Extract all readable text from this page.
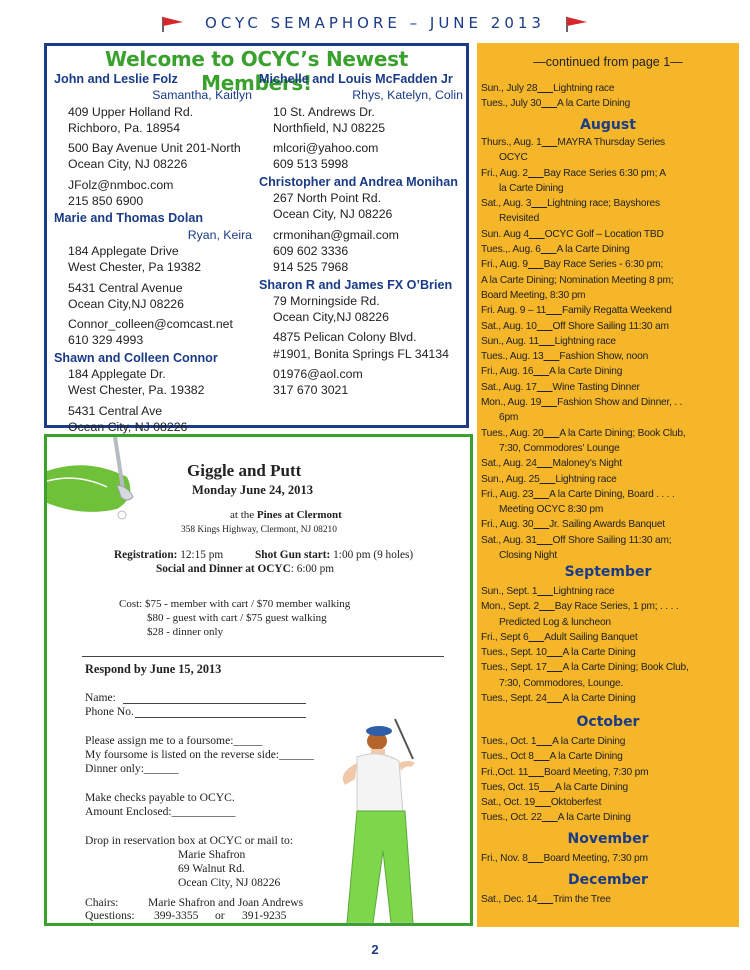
OCYC SEMAPHORE – JUNE 2013
Welcome to OCYC’s Newest Members!
John and Leslie Folz
Samantha, Kaitlyn
409 Upper Holland Rd.
Richboro, Pa. 18954
500 Bay Avenue Unit 201-North
Ocean City, NJ 08226
JFolz@nmboc.com
215 850 6900
Marie and Thomas Dolan
Ryan, Keira
184 Applegate Drive
West Chester, Pa 19382
5431 Central Avenue
Ocean City,NJ 08226
Connor_colleen@comcast.net
610 329 4993
Shawn and Colleen Connor
184 Applegate Dr.
West Chester, Pa. 19382
5431 Central Ave
Ocean City, NJ 08226
Michelle and Louis McFadden Jr
Rhys, Katelyn, Colin
10 St. Andrews Dr.
Northfield, NJ 08225
mlcori@yahoo.com
609 513 5998
Christopher and Andrea Monihan
267 North Point Rd.
Ocean City, NJ 08226
crmonihan@gmail.com
609 602 3336
914 525 7968
Sharon R and James FX O’Brien
79 Morningside Rd.
Ocean City,NJ 08226
4875 Pelican Colony Blvd.
#1901, Bonita Springs FL 34134
01976@aol.com
317 670 3021
Giggle and Putt
Monday June 24, 2013
at the Pines at Clermont
358 Kings Highway, Clermont, NJ 08210
Registration: 12:15 pm	Shot Gun start: 1:00 pm (9 holes)
Social and Dinner at OCYC: 6:00 pm
Cost: $75 - member with cart / $70 member walking
$80 - guest with cart / $75 guest walking
$28 - dinner only
Respond by June 15, 2013
Name:
Phone No.
Please assign me to a foursome:_____
My foursome is listed on the reverse side:______
Dinner only:______
Make checks payable to OCYC.
Amount Enclosed:___________
Drop in reservation box at OCYC or mail to:
Marie Shafron
69 Walnut Rd.
Ocean City, NJ 08226
Chairs:	Marie Shafron and Joan Andrews
Questions: 399-3355 or 391-9235
—continued from page 1—
August
September
October
November
December
Sun., July 28 Lightning race
Tues., July 30 A la Carte Dining
Thurs., Aug. 1 MAYRA Thursday Series
OCYC
Fri., Aug. 2 Bay Race Series 6:30 pm; A
la Carte Dining
Sat., Aug. 3 Lightning race; Bayshores
Revisited
Sun. Aug 4 OCYC Golf – Location TBD
Tues.,. Aug. 6 A la Carte Dining
Fri., Aug. 9 Bay Race Series - 6:30 pm;
A la Carte Dining; Nomination Meeting 8 pm;
Board Meeting, 8:30 pm
Fri. Aug. 9 – 11 Family Regatta Weekend
Sat., Aug. 10 Off Shore Sailing 11:30 am
Sun., Aug. 11 Lightning race
Tues., Aug. 13 Fashion Show, noon
Fri., Aug. 16 A la Carte Dining
Sat., Aug. 17 Wine Tasting Dinner
Mon., Aug. 19 Fashion Show and Dinner, . .
6pm
Tues., Aug. 20 A la Carte Dining; Book Club,
7:30, Commodores’ Lounge
Sat., Aug. 24 Maloney’s Night
Sun., Aug. 25 Lightning race
Fri., Aug. 23 A la Carte Dining, Board . . . .
Meeting OCYC 8:30 pm
Fri., Aug. 30 Jr. Sailing Awards Banquet
Sat., Aug. 31 Off Shore Sailing 11:30 am;
Closing Night
Sun., Sept. 1 Lightning race
Mon., Sept. 2 Bay Race Series, 1 pm; . . . .
Predicted Log & luncheon
Fri., Sept 6 Adult Sailing Banquet
Tues., Sept. 10 A la Carte Dining
Tues., Sept. 17 A la Carte Dining; Book Club,
7:30, Commodores, Lounge.
Tues., Sept. 24 A la Carte Dining
Tues., Oct. 1 A la Carte Dining
Tues., Oct 8 A la Carte Dining
Fri.,Oct. 11 Board Meeting, 7:30 pm
Tues, Oct. 15 A la Carte Dining
Sat., Oct. 19 Oktoberfest
Tues., Oct. 22 A la Carte Dining
Fri., Nov. 8 Board Meeting, 7:30 pm
Sat., Dec. 14 Trim the Tree
2
